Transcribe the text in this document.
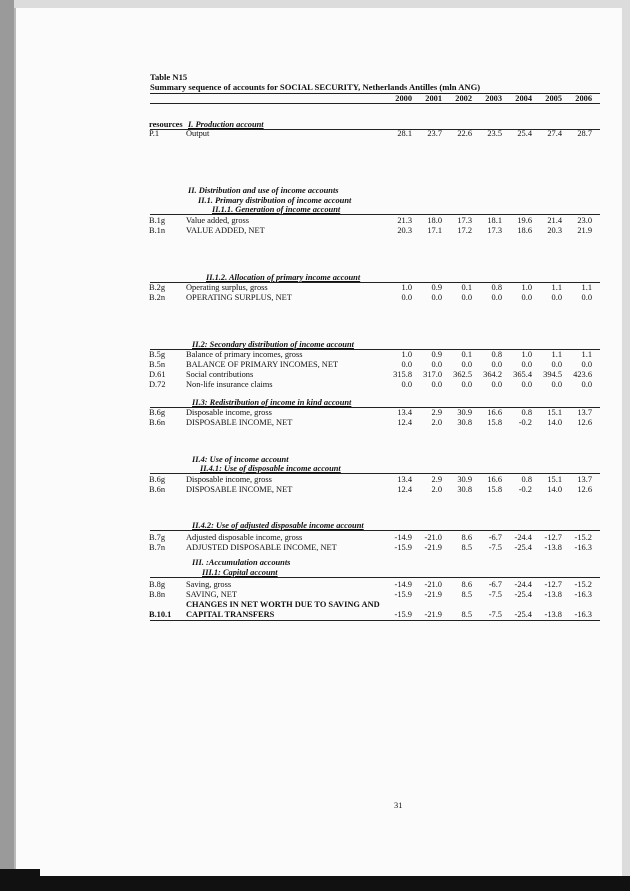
Table N15
Summary sequence of accounts for SOCIAL SECURITY, Netherlands Antilles (mln ANG)
2000	2001	2002	2003	2004	2005	2006
I. Production account
II. Distribution and use of income accounts
II.1. Primary distribution of income account
II.1.1. Generation of income account
II.1.2. Allocation of primary income account
II.2: Secondary distribution of income account
II.3: Redistribution of income in kind account
II.4: Use of income account
II.4.1: Use of disposable income account
II.4.2: Use of adjusted disposable income account
III. :Accumulation accounts
III.1: Capital account
resources
P.1	Output	28.1	23.7	22.6	23.5	25.4	27.4	28.7
B.1g Value added, gross	21.3	18.0	17.3	18.1	19.6	21.4	23.0
B.1n VALUE ADDED, NET	20.3	17.1	17.2	17.3	18.6	20.3	21.9
B.2g Operating surplus, gross	1.0	0.9	0.1	0.8	1.0	1.1	1.1
B.2n OPERATING SURPLUS, NET	0.0	0.0	0.0	0.0	0.0	0.0	0.0
B.5g Balance of primary incomes, gross	1.0	0.9	0.1	0.8	1.0	1.1	1.1
B.5n BALANCE OF PRIMARY INCOMES, NET	0.0	0.0	0.0	0.0	0.0	0.0	0.0
D.61 Social contributions	315.8	317.0	362.5	364.2	365.4	394.5	423.6
D.72 Non-life insurance claims	0.0	0.0	0.0	0.0	0.0	0.0	0.0
B.6g Disposable income, gross	13.4	2.9	30.9	16.6	0.8	15.1	13.7
B.6n DISPOSABLE INCOME, NET	12.4	2.0	30.8	15.8	-0.2	14.0	12.6
B.6g Disposable income, gross	13.4	2.9	30.9	16.6	0.8	15.1	13.7
B.6n DISPOSABLE INCOME, NET	12.4	2.0	30.8	15.8	-0.2	14.0	12.6
B.7g Adjusted disposable income, gross	-14.9	-21.0	8.6	-6.7	-24.4	-12.7	-15.2
B.7n ADJUSTED DISPOSABLE INCOME, NET	-15.9	-21.9	8.5	-7.5	-25.4	-13.8	-16.3
B.8g Saving, gross	-14.9	-21.0	8.6	-6.7	-24.4	-12.7	-15.2
B.8n SAVING, NET	-15.9	-21.9	8.5	-7.5	-25.4	-13.8	-16.3
CHANGES IN NET WORTH DUE TO SAVING AND
B.10.1 CAPITAL TRANSFERS	-15.9	-21.9	8.5	-7.5	-25.4	-13.8	-16.3
31
